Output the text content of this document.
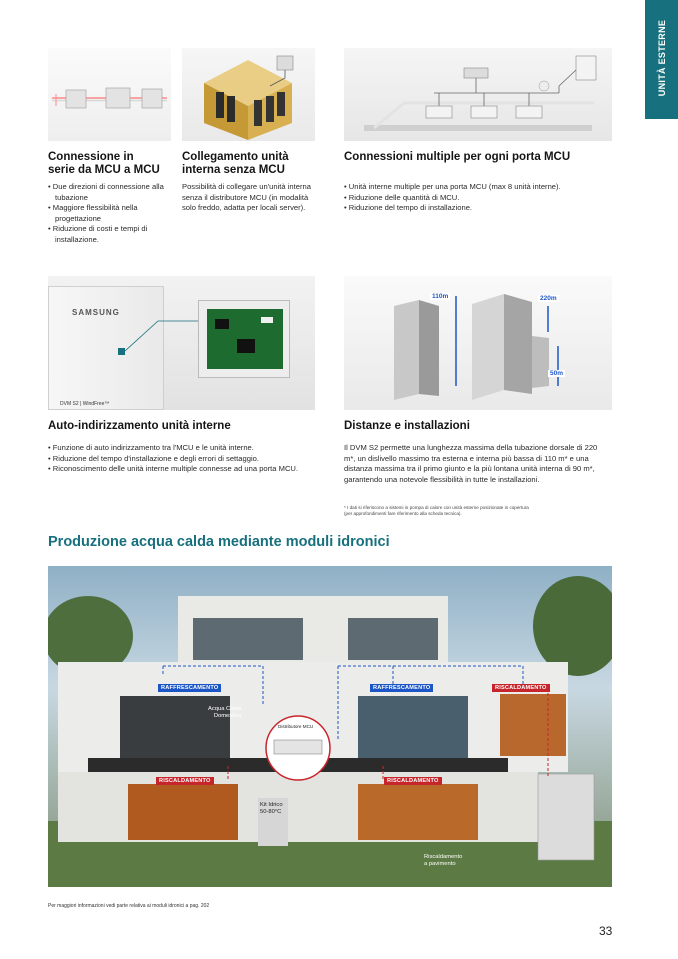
UNITÀ ESTERNE
Connessione in
serie da MCU a MCU
• Due direzioni di connessione alla tubazione
• Maggiore flessibilità nella progettazione
• Riduzione di costi e tempi di installazione.
Collegamento unità
interna senza MCU
Possibilità di collegare un'unità interna senza il distributore MCU (in modalità solo freddo, adatta per locali server).
Connessioni multiple per ogni porta MCU
• Unità interne multiple per una porta MCU (max 8 unità interne).
• Riduzione delle quantità di MCU.
• Riduzione del tempo di installazione.
SAMSUNG
DVM S2 | WindFree™
110m	220m
50m
Auto-indirizzamento unità interne
• Funzione di auto indirizzamento tra l'MCU e le unità interne.
• Riduzione del tempo d'installazione e degli errori di settaggio.
• Riconoscimento delle unità interne multiple connesse ad una porta MCU.
Distanze e installazioni
Il DVM S2 permette una lunghezza massima della tubazione dorsale di 220 m*, un dislivello massimo tra esterna e interna più bassa di 110 m* e una distanza massima tra il primo giunto e la più lontana unità interna di 90 m*, garantendo una notevole flessibilità in tutte le installazioni.
* I dati si riferiscono a sistemi in pompa di calore con unità esterne posizionate in copertura
(per approfondimenti fare riferimento alla scheda tecnica).
Produzione acqua calda mediante moduli idronici
RAFFRESCAMENTO	RAFFRESCAMENTO	RISCALDAMENTO
RISCALDAMENTO	RISCALDAMENTO
Acqua Calda
Domestica
Distributore MCU
Kit Idrico
50-80°C
Riscaldamento
a pavimento
Per maggiori informazioni vedi parte relativa ai moduli idronici a pag. 202
33
